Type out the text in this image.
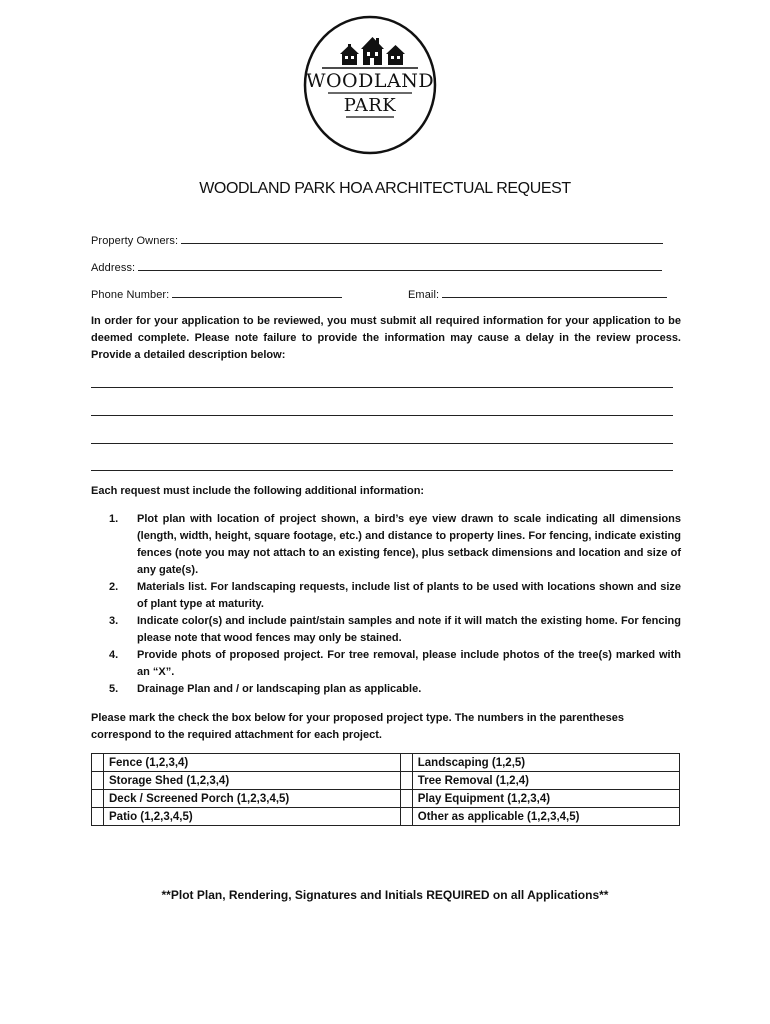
WOODLAND
PARK
WOODLAND PARK HOA ARCHITECTUAL REQUEST
Property Owners:
Address:
Phone Number:	Email:
In order for your application to be reviewed, you must submit all required information for your application to be deemed complete. Please note failure to provide the information may cause a delay in the review process. Provide a detailed description below:
Each request must include the following additional information:
1. Plot plan with location of project shown, a bird’s eye view drawn to scale indicating all dimensions (length, width, height, square footage, etc.) and distance to property lines. For fencing, indicate existing fences (note you may not attach to an existing fence), plus setback dimensions and location and size of any gate(s).
2. Materials list. For landscaping requests, include list of plants to be used with locations shown and size of plant type at maturity.
3. Indicate color(s) and include paint/stain samples and note if it will match the existing home. For fencing please note that wood fences may only be stained.
4. Provide phots of proposed project. For tree removal, please include photos of the tree(s) marked with an “X”.
5. Drainage Plan and / or landscaping plan as applicable.
Please mark the check the box below for your proposed project type. The numbers in the parentheses correspond to the required attachment for each project.
	Fence (1,2,3,4)		Landscaping (1,2,5)
	Storage Shed (1,2,3,4)		Tree Removal (1,2,4)
	Deck / Screened Porch (1,2,3,4,5)		Play Equipment (1,2,3,4)
	Patio (1,2,3,4,5)		Other as applicable (1,2,3,4,5)
**Plot Plan, Rendering, Signatures and Initials REQUIRED on all Applications**
